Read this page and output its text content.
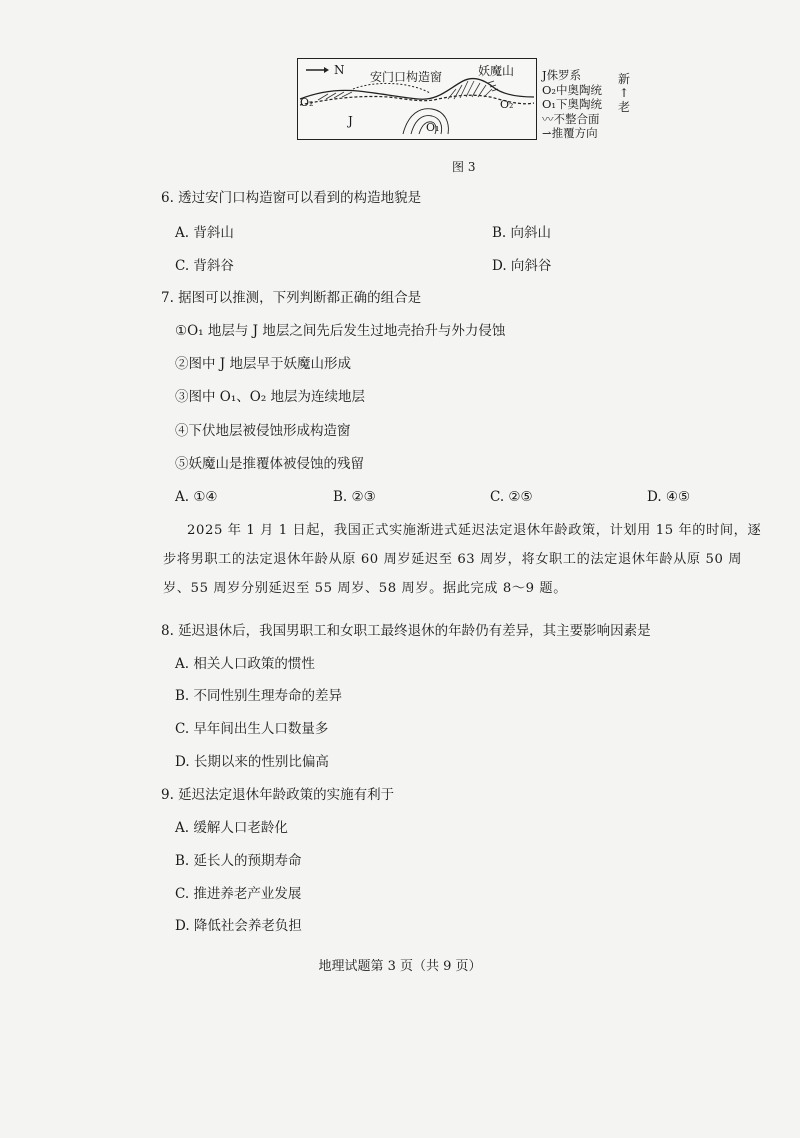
N 安门口构造窗	妖魔山
O₂
J	O₁
O₂
J侏罗系
O₂中奥陶统
O₁下奥陶统
〰不整合面
⇀推覆方向
新
↑
老
图 3
6. 透过安门口构造窗可以看到的构造地貌是
A. 背斜山	B. 向斜山
C. 背斜谷	D. 向斜谷
7. 据图可以推测，下列判断都正确的组合是
①O₁ 地层与 J 地层之间先后发生过地壳抬升与外力侵蚀
②图中 J 地层早于妖魔山形成
③图中 O₁、O₂ 地层为连续地层
④下伏地层被侵蚀形成构造窗
⑤妖魔山是推覆体被侵蚀的残留
A. ①④	B. ②③	C. ②⑤	D. ④⑤
2025 年 1 月 1 日起，我国正式实施渐进式延迟法定退休年龄政策，计划用 15 年的时间，逐步将男职工的法定退休年龄从原 60 周岁延迟至 63 周岁，将女职工的法定退休年龄从原 50 周岁、55 周岁分别延迟至 55 周岁、58 周岁。据此完成 8～9 题。
8. 延迟退休后，我国男职工和女职工最终退休的年龄仍有差异，其主要影响因素是
A. 相关人口政策的惯性
B. 不同性别生理寿命的差异
C. 早年间出生人口数量多
D. 长期以来的性别比偏高
9. 延迟法定退休年龄政策的实施有利于
A. 缓解人口老龄化
B. 延长人的预期寿命
C. 推进养老产业发展
D. 降低社会养老负担
地理试题第 3 页（共 9 页）
